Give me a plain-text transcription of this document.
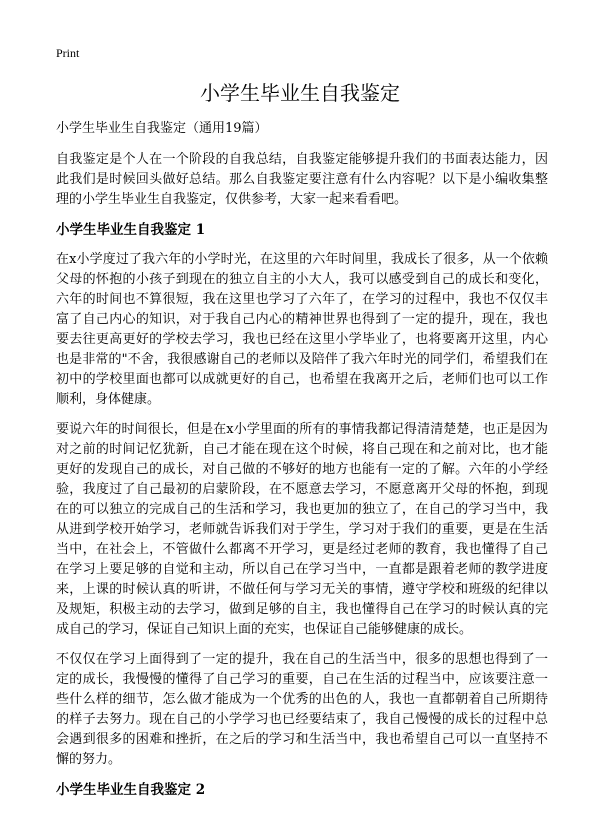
Print
小学生毕业生自我鉴定

小学生毕业生自我鉴定（通用19篇）

自我鉴定是个人在一个阶段的自我总结，自我鉴定能够提升我们的书面表达能力，因此我们是时候回头做好总结。那么自我鉴定要注意有什么内容呢？以下是小编收集整理的小学生毕业生自我鉴定，仅供参考，大家一起来看看吧。

小学生毕业生自我鉴定 1

在x小学度过了我六年的小学时光，在这里的六年时间里，我成长了很多，从一个依赖父母的怀抱的小孩子到现在的独立自主的小大人，我可以感受到自己的成长和变化，六年的时间也不算很短，我在这里也学习了六年了，在学习的过程中，我也不仅仅丰富了自己内心的知识，对于我自己内心的精神世界也得到了一定的提升，现在，我也要去往更高更好的学校去学习，我也已经在这里小学毕业了，也将要离开这里，内心也是非常的"不舍，我很感谢自己的老师以及陪伴了我六年时光的同学们，希望我们在初中的学校里面也都可以成就更好的自己，也希望在我离开之后，老师们也可以工作顺利，身体健康。

要说六年的时间很长，但是在x小学里面的所有的事情我都记得清清楚楚，也正是因为对之前的时间记忆犹新，自己才能在现在这个时候，将自己现在和之前对比，也才能更好的发现自己的成长，对自己做的不够好的地方也能有一定的了解。六年的小学经验，我度过了自己最初的启蒙阶段，在不愿意去学习，不愿意离开父母的怀抱，到现在的可以独立的完成自己的生活和学习，我也更加的独立了，在自己的学习当中，我从进到学校开始学习，老师就告诉我们对于学生，学习对于我们的重要，更是在生活当中，在社会上，不管做什么都离不开学习，更是经过老师的教育，我也懂得了自己在学习上要足够的自觉和主动，所以自己在学习当中，一直都是跟着老师的教学进度来，上课的时候认真的听讲，不做任何与学习无关的事情，遵守学校和班级的纪律以及规矩，积极主动的去学习，做到足够的自主，我也懂得自己在学习的时候认真的完成自己的学习，保证自己知识上面的充实，也保证自己能够健康的成长。

不仅仅在学习上面得到了一定的提升，我在自己的生活当中，很多的思想也得到了一定的成长，我慢慢的懂得了自己学习的重要，自己在生活的过程当中，应该要注意一些什么样的细节，怎么做才能成为一个优秀的出色的人，我也一直都朝着自己所期待的样子去努力。现在自己的小学学习也已经要结束了，我自己慢慢的成长的过程中总会遇到很多的困难和挫折，在之后的学习和生活当中，我也希望自己可以一直坚持不懈的努力。

小学生毕业生自我鉴定 2
